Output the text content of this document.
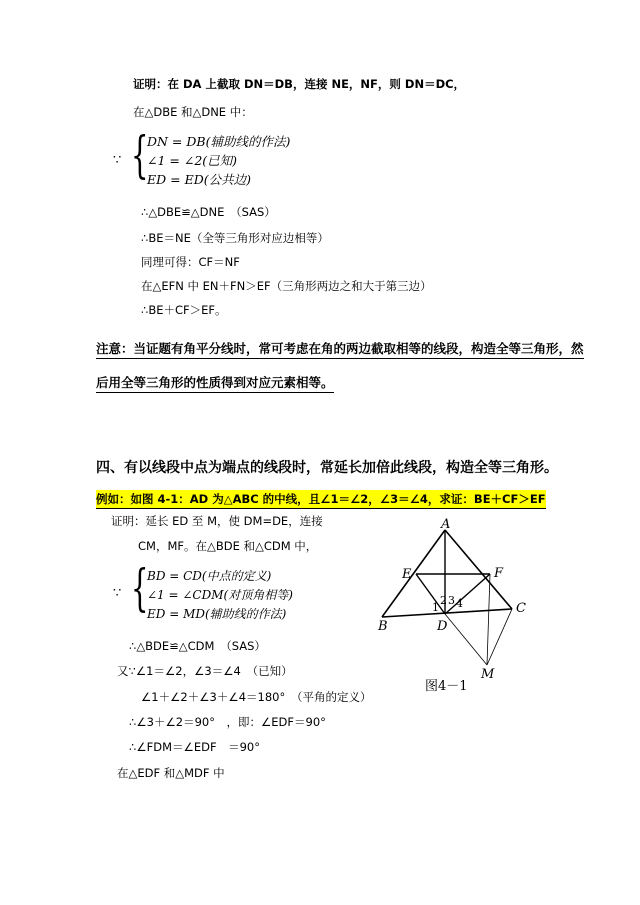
证明：在 DA 上截取 DN＝DB，连接 NE，NF，则 DN＝DC，
在△DBE 和△DNE 中：
∵ {
DN = DB(辅助线的作法)
∠1 = ∠2(已知)
ED = ED(公共边)
∴△DBE≌△DNE　（SAS）
∴BE＝NE（全等三角形对应边相等）
同理可得：CF＝NF
在△EFN 中 EN＋FN＞EF（三角形两边之和大于第三边）
∴BE＋CF＞EF。
注意：当证题有角平分线时，常可考虑在角的两边截取相等的线段，构造全等三角形，然
后用全等三角形的性质得到对应元素相等。
四、有以线段中点为端点的线段时，常延长加倍此线段，构造全等三角形。
例如：如图 4-1：AD 为△ABC 的中线，且∠1＝∠2，∠3＝∠4，求证：BE＋CF＞EF
证明：延长 ED 至 M，使 DM=DE，连接
CM，MF。在△BDE 和△CDM 中，
∵ {
BD = CD(中点的定义)
∠1 = ∠CDM(对顶角相等)
ED = MD(辅助线的作法)
∴△BDE≌△CDM　（SAS）
又∵∠1＝∠2，∠3＝∠4　（已知）
∠1＋∠2＋∠3＋∠4＝180°　（平角的定义）
∴∠3＋∠2＝90°　，即：∠EDF＝90°
∴∠FDM＝∠EDF　＝90°
在△EDF 和△MDF 中
A
E	F
B	D
C
M
1
2 3 4
图4－1
